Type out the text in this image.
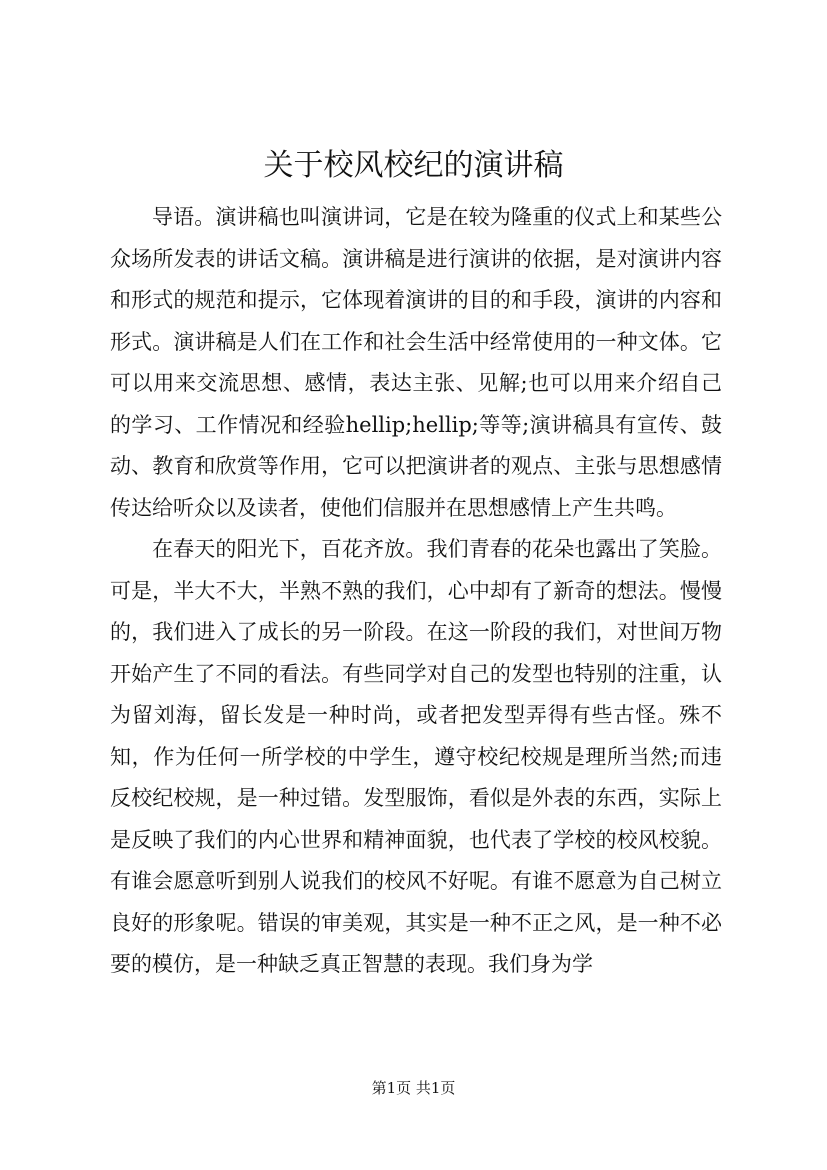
关于校风校纪的演讲稿

导语。演讲稿也叫演讲词，它是在较为隆重的仪式上和某些公众场所发表的讲话文稿。演讲稿是进行演讲的依据，是对演讲内容和形式的规范和提示，它体现着演讲的目的和手段，演讲的内容和形式。演讲稿是人们在工作和社会生活中经常使用的一种文体。它可以用来交流思想、感情，表达主张、见解;也可以用来介绍自己的学习、工作情况和经验hellip;hellip;等等;演讲稿具有宣传、鼓动、教育和欣赏等作用，它可以把演讲者的观点、主张与思想感情传达给听众以及读者，使他们信服并在思想感情上产生共鸣。

在春天的阳光下，百花齐放。我们青春的花朵也露出了笑脸。可是，半大不大，半熟不熟的我们，心中却有了新奇的想法。慢慢的，我们进入了成长的另一阶段。在这一阶段的我们，对世间万物开始产生了不同的看法。有些同学对自己的发型也特别的注重，认为留刘海，留长发是一种时尚，或者把发型弄得有些古怪。殊不知，作为任何一所学校的中学生，遵守校纪校规是理所当然;而违反校纪校规，是一种过错。发型服饰，看似是外表的东西，实际上是反映了我们的内心世界和精神面貌，也代表了学校的校风校貌。有谁会愿意听到别人说我们的校风不好呢。有谁不愿意为自己树立良好的形象呢。错误的审美观，其实是一种不正之风，是一种不必要的模仿，是一种缺乏真正智慧的表现。我们身为学

第1页 共1页
